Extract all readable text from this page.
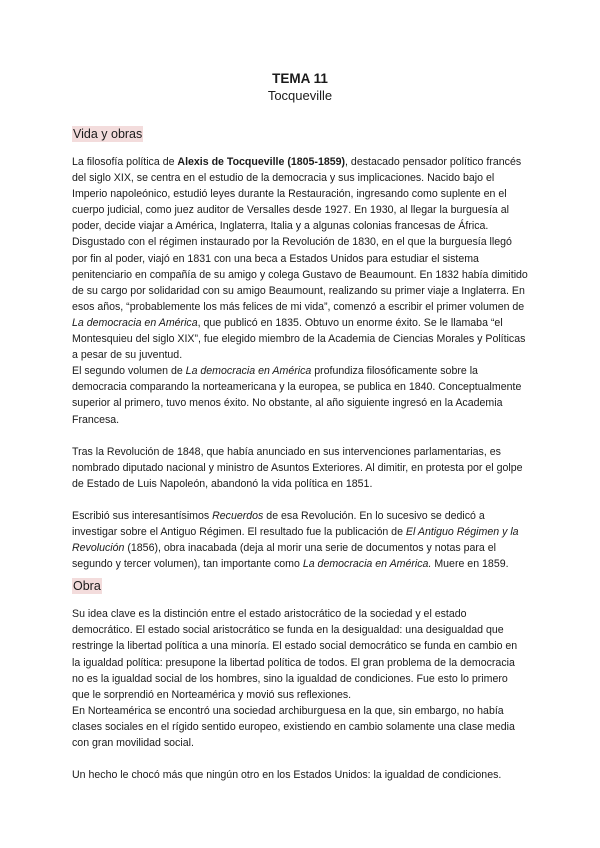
TEMA 11

Tocqueville

Vida y obras

La filosofía política de Alexis de Tocqueville (1805-1859), destacado pensador político francés del siglo XIX, se centra en el estudio de la democracia y sus implicaciones. Nacido bajo el Imperio napoleónico, estudió leyes durante la Restauración, ingresando como suplente en el cuerpo judicial, como juez auditor de Versalles desde 1927. En 1930, al llegar la burguesía al poder, decide viajar a América, Inglaterra, Italia y a algunas colonias francesas de África.

Disgustado con el régimen instaurado por la Revolución de 1830, en el que la burguesía llegó por fin al poder, viajó en 1831 con una beca a Estados Unidos para estudiar el sistema penitenciario en compañía de su amigo y colega Gustavo de Beaumount. En 1832 había dimitido de su cargo por solidaridad con su amigo Beaumount, realizando su primer viaje a Inglaterra. En esos años, “probablemente los más felices de mi vida”, comenzó a escribir el primer volumen de La democracia en América, que publicó en 1835. Obtuvo un enorme éxito. Se le llamaba “el Montesquieu del siglo XIX”, fue elegido miembro de la Academia de Ciencias Morales y Políticas a pesar de su juventud.

El segundo volumen de La democracia en América profundiza filosóficamente sobre la democracia comparando la norteamericana y la europea, se publica en 1840. Conceptualmente superior al primero, tuvo menos éxito. No obstante, al año siguiente ingresó en la Academia Francesa.

Tras la Revolución de 1848, que había anunciado en sus intervenciones parlamentarias, es nombrado diputado nacional y ministro de Asuntos Exteriores. Al dimitir, en protesta por el golpe de Estado de Luis Napoleón, abandonó la vida política en 1851.

Escribió sus interesantísimos Recuerdos de esa Revolución. En lo sucesivo se dedicó a investigar sobre el Antiguo Régimen. El resultado fue la publicación de El Antiguo Régimen y la Revolución (1856), obra inacabada (deja al morir una serie de documentos y notas para el segundo y tercer volumen), tan importante como La democracia en América. Muere en 1859.

Obra

Su idea clave es la distinción entre el estado aristocrático de la sociedad y el estado democrático. El estado social aristocrático se funda en la desigualdad: una desigualdad que restringe la libertad política a una minoría. El estado social democrático se funda en cambio en la igualdad política: presupone la libertad política de todos. El gran problema de la democracia no es la igualdad social de los hombres, sino la igualdad de condiciones. Fue esto lo primero que le sorprendió en Norteamérica y movió sus reflexiones.

En Norteamérica se encontró una sociedad archiburguesa en la que, sin embargo, no había clases sociales en el rígido sentido europeo, existiendo en cambio solamente una clase media con gran movilidad social.

Un hecho le chocó más que ningún otro en los Estados Unidos: la igualdad de condiciones.
